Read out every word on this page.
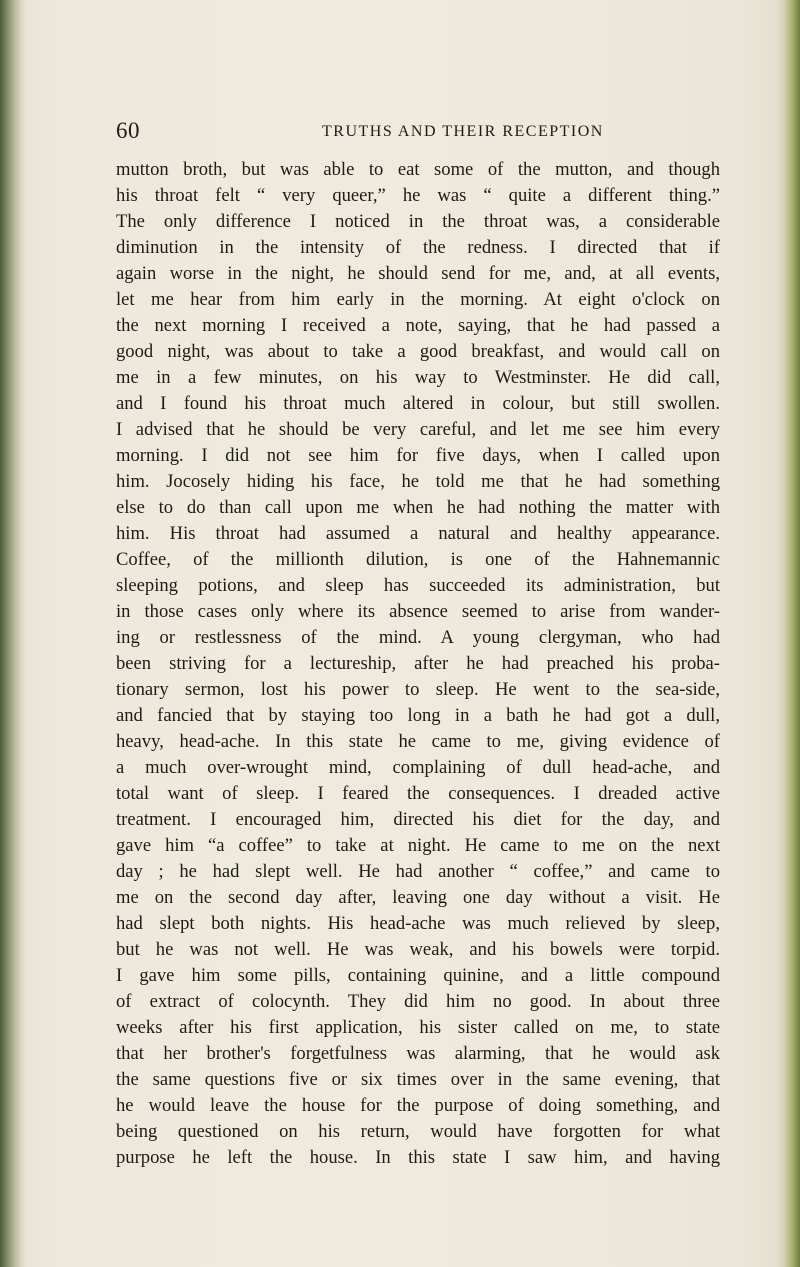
60	TRUTHS AND THEIR RECEPTION
mutton broth, but was able to eat some of the mutton, and though
his throat felt “ very queer,” he was “ quite a different thing.”
The only difference I noticed in the throat was, a considerable
diminution in the intensity of the redness. I directed that if
again worse in the night, he should send for me, and, at all events,
let me hear from him early in the morning. At eight o'clock on
the next morning I received a note, saying, that he had passed a
good night, was about to take a good breakfast, and would call on
me in a few minutes, on his way to Westminster. He did call,
and I found his throat much altered in colour, but still swollen.
I advised that he should be very careful, and let me see him every
morning. I did not see him for five days, when I called upon
him. Jocosely hiding his face, he told me that he had something
else to do than call upon me when he had nothing the matter with
him. His throat had assumed a natural and healthy appearance.
Coffee, of the millionth dilution, is one of the Hahnemannic
sleeping potions, and sleep has succeeded its administration, but
in those cases only where its absence seemed to arise from wander-
ing or restlessness of the mind. A young clergyman, who had
been striving for a lectureship, after he had preached his proba-
tionary sermon, lost his power to sleep. He went to the sea-side,
and fancied that by staying too long in a bath he had got a dull,
heavy, head-ache. In this state he came to me, giving evidence of
a much over-wrought mind, complaining of dull head-ache, and
total want of sleep. I feared the consequences. I dreaded active
treatment. I encouraged him, directed his diet for the day, and
gave him “a coffee” to take at night. He came to me on the next
day ; he had slept well. He had another “ coffee,” and came to
me on the second day after, leaving one day without a visit. He
had slept both nights. His head-ache was much relieved by sleep,
but he was not well. He was weak, and his bowels were torpid.
I gave him some pills, containing quinine, and a little compound
of extract of colocynth. They did him no good. In about three
weeks after his first application, his sister called on me, to state
that her brother's forgetfulness was alarming, that he would ask
the same questions five or six times over in the same evening, that
he would leave the house for the purpose of doing something, and
being questioned on his return, would have forgotten for what
purpose he left the house. In this state I saw him, and having
